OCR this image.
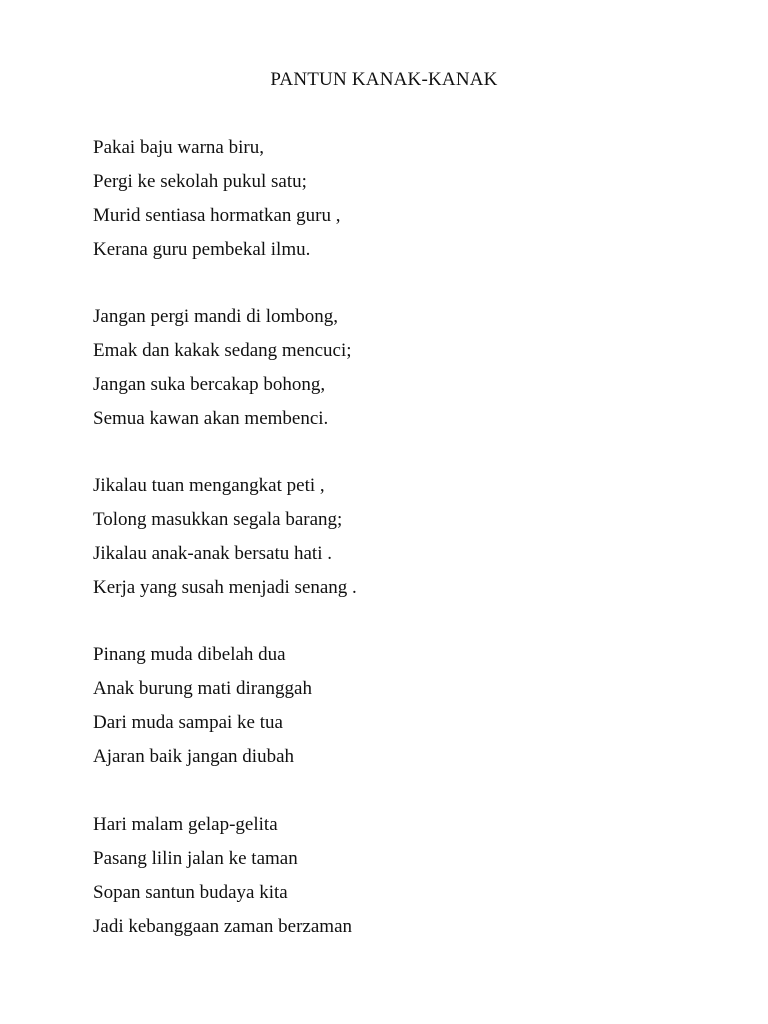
PANTUN KANAK-KANAK
Pakai baju warna biru,
Pergi ke sekolah pukul satu;
Murid sentiasa hormatkan guru ,
Kerana guru pembekal ilmu.
Jangan pergi mandi di lombong,
Emak dan kakak sedang mencuci;
Jangan suka bercakap bohong,
Semua kawan akan membenci.
Jikalau tuan mengangkat peti ,
Tolong masukkan segala barang;
Jikalau anak-anak bersatu hati .
Kerja yang susah menjadi senang .
Pinang muda dibelah dua
Anak burung mati diranggah
Dari muda sampai ke tua
Ajaran baik jangan diubah
Hari malam gelap-gelita
Pasang lilin jalan ke taman
Sopan santun budaya kita
Jadi kebanggaan zaman berzaman
